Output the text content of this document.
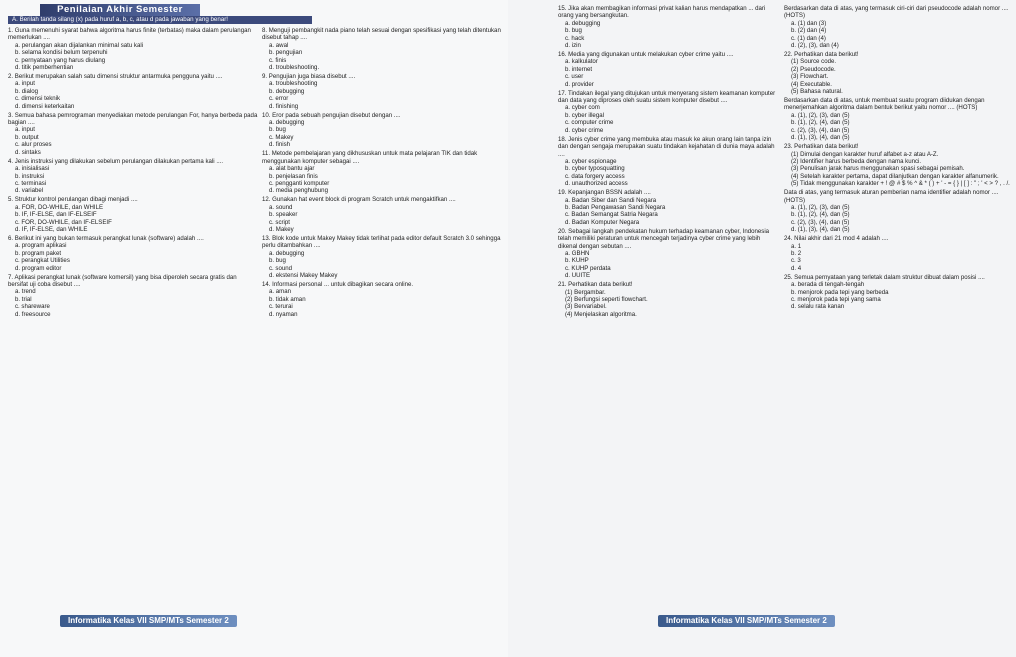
Penilaian Akhir Semester
A. Berilah tanda silang (x) pada huruf a, b, c, atau d pada jawaban yang benar!
1. Guna memenuhi syarat bahwa algoritma harus finite (terbatas) maka dalam perulangan memerlukan ....
a. perulangan akan dijalankan minimal satu kali
b. selama kondisi belum terpenuhi
c. pernyataan yang harus diulang
d. titik pemberhentian
2. Berikut merupakan salah satu dimensi struktur antarmuka pengguna yaitu ....
a. input
b. dialog
c. dimensi teknik
d. dimensi keterkaitan
3. Semua bahasa pemrograman menyediakan metode perulangan For, hanya berbeda pada bagian ....
a. input
b. output
c. alur proses
d. sintaks
4. Jenis instruksi yang dilakukan sebelum perulangan dilakukan pertama kali ....
a. inisialisasi
b. instruksi
c. terminasi
d. variabel
5. Struktur kontrol perulangan dibagi menjadi ....
a. FOR, DO-WHILE, dan WHILE
b. IF, IF-ELSE, dan IF-ELSEIF
c. FOR, DO-WHILE, dan IF-ELSEIF
d. IF, IF-ELSE, dan WHILE
6. Berikut ini yang bukan termasuk perangkat lunak (software) adalah ....
a. program aplikasi
b. program paket
c. perangkat Utilities
d. program editor
7. Aplikasi perangkat lunak (software komersil) yang bisa diperoleh secara gratis dan bersifat uji coba disebut ....
a. trend
b. trial
c. shareware
d. freesource
8. Menguji pembangkit nada piano telah sesuai dengan spesifikasi yang telah ditentukan disebut tahap ....
a. awal
b. pengujian
c. finis
d. troubleshooting.
9. Pengujian juga biasa disebut ....
a. troubleshooting
b. debugging
c. error
d. finishing
10. Eror pada sebuah pengujian disebut dengan ....
a. debugging
b. bug
c. Makey
d. finish
11. Metode pembelajaran yang dikhususkan untuk mata pelajaran TIK dan tidak menggunakan komputer sebagai ....
a. alat bantu ajar
b. penjelasan finis
c. pengganti komputer
d. media penghubung
12. Gunakan hat event block di program Scratch untuk mengaktifkan ....
a. sound
b. speaker
c. script
d. Makey
13. Blok kode untuk Makey Makey tidak terlihat pada editor default Scratch 3.0 sehingga perlu ditambahkan ....
a. debugging
b. bug
c. sound
d. ekstensi Makey Makey
14. Informasi personal ... untuk dibagikan secara online.
a. aman
b. tidak aman
c. terurai
d. nyaman
Informatika Kelas VII SMP/MTs Semester 2
15. Jika akan membagikan informasi privat kalian harus mendapatkan ... dari orang yang bersangkutan.
a. debugging
b. bug
c. hack
d. izin
16. Media yang digunakan untuk melakukan cyber crime yaitu ....
a. kalkulator
b. internet
c. user
d. provider
17. Tindakan ilegal yang ditujukan untuk menyerang sistem keamanan komputer dan data yang diproses oleh suatu sistem komputer disebut ....
a. cyber com
b. cyber illegal
c. computer crime
d. cyber crime
18. Jenis cyber crime yang membuka atau masuk ke akun orang lain tanpa izin dan dengan sengaja merupakan suatu tindakan kejahatan di dunia maya adalah ....
a. cyber espionage
b. cyber typosquatting
c. data forgery access
d. unauthorized access
19. Kepanjangan BSSN adalah ....
a. Badan Siber dan Sandi Negara
b. Badan Pengawasan Sandi Negara
c. Badan Semangat Satria Negara
d. Badan Komputer Negara
20. Sebagai langkah pendekatan hukum terhadap keamanan cyber, Indonesia telah memiliki peraturan untuk mencegah terjadinya cyber crime yang lebih dikenal dengan sebutan ....
a. GBHN
b. KUHP
c. KUHP perdata
d. UUITE
21. Perhatikan data berikut!
(1) Bergambar.
(2) Berfungsi seperti flowchart.
(3) Bervariabel.
(4) Menjelaskan algoritma.
Berdasarkan data di atas, yang termasuk ciri-ciri dari pseudocode adalah nomor .... (HOTS)
a. (1) dan (3)
b. (2) dan (4)
c. (1) dan (4)
d. (2), (3), dan (4)
22. Perhatikan data berikut!
(1) Source code.
(2) Pseudocode.
(3) Flowchart.
(4) Executable.
(5) Bahasa natural.
Berdasarkan data di atas, untuk membuat suatu program diidukan dengan menerjemahkan algoritma dalam bentuk berikut yaitu nomor .... (HOTS)
a. (1), (2), (3), dan (5)
b. (1), (2), (4), dan (5)
c. (2), (3), (4), dan (5)
d. (1), (3), (4), dan (5)
23. Perhatikan data berikut!
(1) Dimulai dengan karakter huruf alfabet a-z atau A-Z.
(2) Identifier harus berbeda dengan nama kunci.
(3) Penulisan jarak harus menggunakan spasi sebagai pemisah.
(4) Setelah karakter pertama, dapat dilanjutkan dengan karakter alfanumerik.
(5) Tidak menggunakan karakter + ! @ # $ % ^ & * ( ) + ' - = { } | [ ] : " ; ' < > ? , . /.
Data di atas, yang termasuk aturan pemberian nama identifier adalah nomor .... (HOTS)
a. (1), (2), (3), dan (5)
b. (1), (2), (4), dan (5)
c. (2), (3), (4), dan (5)
d. (1), (3), (4), dan (5)
24. Nilai akhir dari 21 mod 4 adalah ....
a. 1
b. 2
c. 3
d. 4
25. Semua pernyataan yang terletak dalam struktur dibuat dalam posisi ....
a. berada di tengah-tengah
b. menjorok pada tepi yang berbeda
c. menjorok pada tepi yang sama
d. selalu rata kanan
Informatika Kelas VII SMP/MTs Semester 2
